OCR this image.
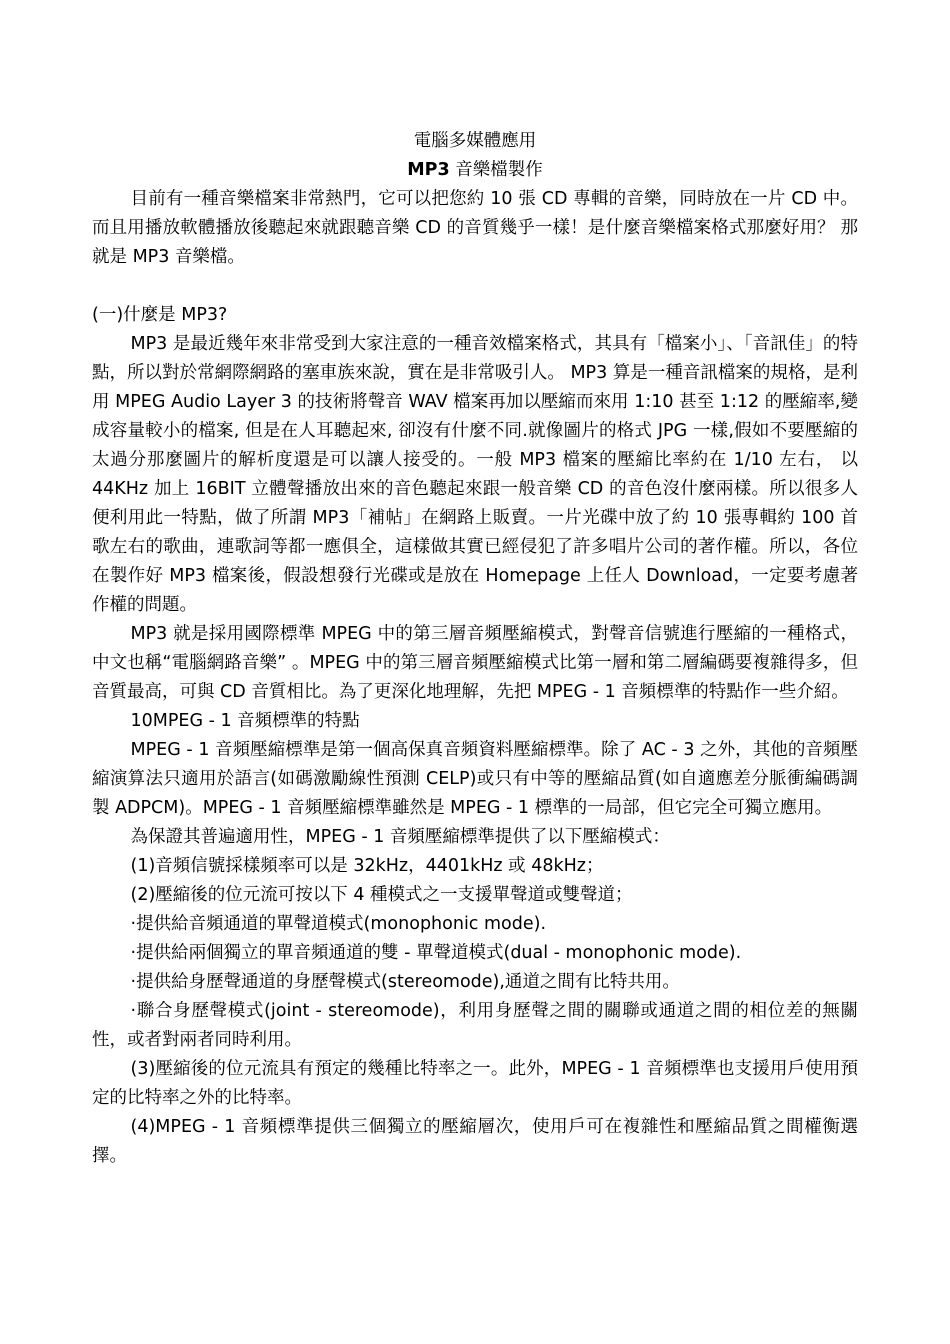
電腦多媒體應用

MP3 音樂檔製作

目前有一種音樂檔案非常熱門，它可以把您約 10 張 CD 專輯的音樂，同時放在一片 CD 中。而且用播放軟體播放後聽起來就跟聽音樂 CD 的音質幾乎一樣！是什麼音樂檔案格式那麼好用？ 那就是 MP3 音樂檔。

(一)什麼是 MP3?

MP3 是最近幾年來非常受到大家注意的一種音效檔案格式，其具有「檔案小」、「音訊佳」的特點，所以對於常網際網路的塞車族來說，實在是非常吸引人。 MP3 算是一種音訊檔案的規格，是利用 MPEG Audio Layer 3 的技術將聲音 WAV 檔案再加以壓縮而來用 1:10 甚至 1:12 的壓縮率,變成容量較小的檔案, 但是在人耳聽起來, 卻沒有什麼不同.就像圖片的格式 JPG 一樣,假如不要壓縮的太過分那麼圖片的解析度還是可以讓人接受的。一般 MP3 檔案的壓縮比率約在 1/10 左右， 以 44KHz 加上 16BIT 立體聲播放出來的音色聽起來跟一般音樂 CD 的音色沒什麼兩樣。所以很多人便利用此一特點，做了所謂 MP3「補帖」在網路上販賣。一片光碟中放了約 10 張專輯約 100 首歌左右的歌曲，連歌詞等都一應俱全，這樣做其實已經侵犯了許多唱片公司的著作權。所以，各位在製作好 MP3 檔案後，假設想發行光碟或是放在 Homepage 上任人 Download，一定要考慮著作權的問題。

MP3 就是採用國際標準 MPEG 中的第三層音頻壓縮模式，對聲音信號進行壓縮的一種格式，中文也稱“電腦網路音樂” 。MPEG 中的第三層音頻壓縮模式比第一層和第二層編碼要複雜得多，但音質最高，可與 CD 音質相比。為了更深化地理解，先把 MPEG - 1 音頻標準的特點作一些介紹。

10MPEG - 1 音頻標準的特點

MPEG - 1 音頻壓縮標準是第一個高保真音頻資料壓縮標準。除了 AC - 3 之外，其他的音頻壓縮演算法只適用於語言(如碼激勵線性預測 CELP)或只有中等的壓縮品質(如自適應差分脈衝編碼調製 ADPCM)。MPEG - 1 音頻壓縮標準雖然是 MPEG - 1 標準的一局部，但它完全可獨立應用。

為保證其普遍適用性，MPEG - 1 音頻壓縮標準提供了以下壓縮模式：

(1)音頻信號採樣頻率可以是 32kHz，4401kHz 或 48kHz；

(2)壓縮後的位元流可按以下 4 種模式之一支援單聲道或雙聲道；

·提供給音頻通道的單聲道模式(monophonic mode).

·提供給兩個獨立的單音頻通道的雙 - 單聲道模式(dual - monophonic mode).

·提供給身歷聲通道的身歷聲模式(stereomode),通道之間有比特共用。

·聯合身歷聲模式(joint - stereomode)，利用身歷聲之間的關聯或通道之間的相位差的無關性，或者對兩者同時利用。

(3)壓縮後的位元流具有預定的幾種比特率之一。此外，MPEG - 1 音頻標準也支援用戶使用預定的比特率之外的比特率。

(4)MPEG - 1 音頻標準提供三個獨立的壓縮層次，使用戶可在複雜性和壓縮品質之間權衡選擇。
